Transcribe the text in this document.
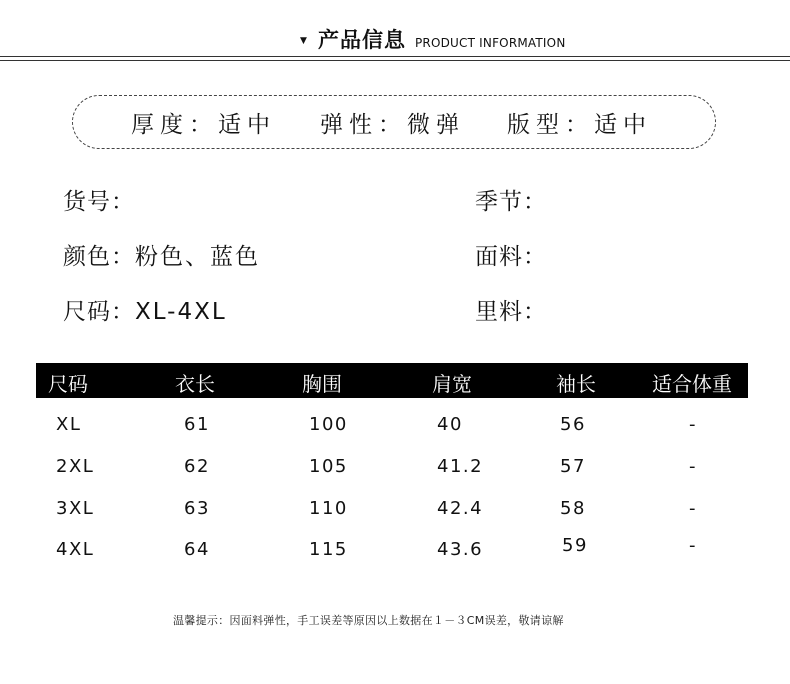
▼ 产品信息 PRODUCT INFORMATION
厚度：适中 弹性：微弹 版型：适中
货号：	季节：
颜色：粉色、蓝色	面料：
尺码：XL-4XL	里料：
尺码	衣长	胸围	肩宽	袖长	适合体重
XL	61	100	40	56	-
2XL	62	105	41.2	57	-
3XL	63	110	42.4	58	-
4XL	64	115	43.6	59	-
温馨提示：因面料弹性，手工误差等原因以上数据在１－３CM误差，敬请谅解
